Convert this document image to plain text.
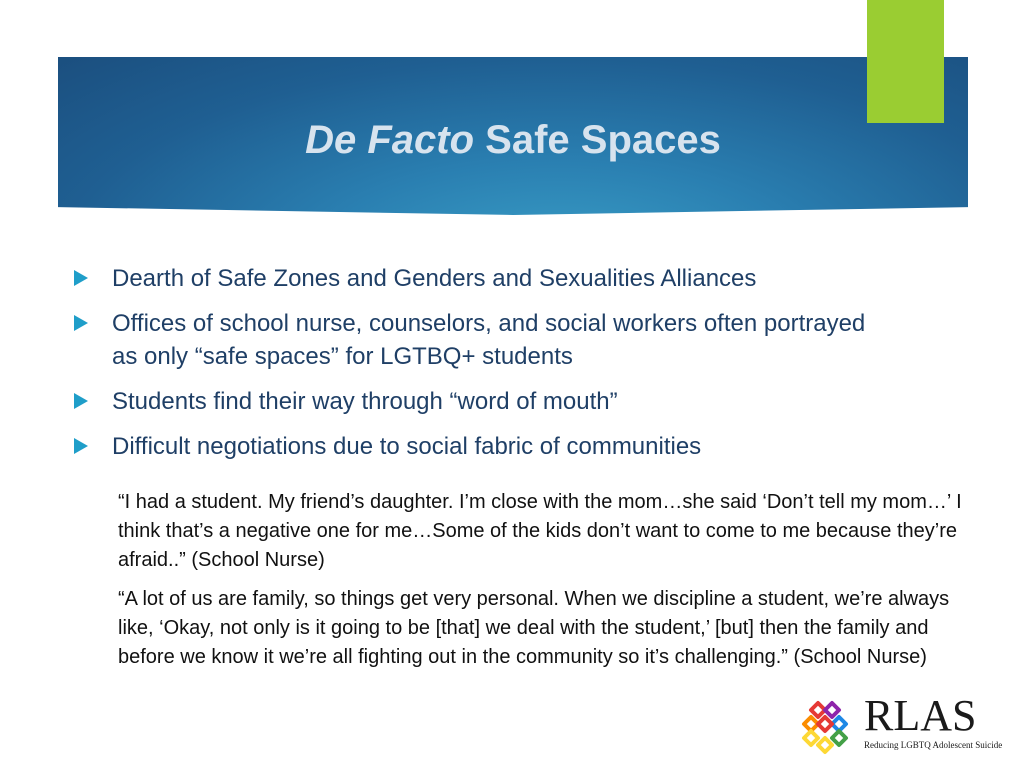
De Facto Safe Spaces
Dearth of Safe Zones and Genders and Sexualities Alliances
Offices of school nurse, counselors, and social workers often portrayed as only “safe spaces” for LGTBQ+ students
Students find their way through “word of mouth”
Difficult negotiations due to social fabric of communities
“I had a student. My friend’s daughter. I’m close with the mom…she said ‘Don’t tell my mom…’ I think that’s a negative one for me…Some of the kids don’t want to come to me because they’re afraid..” (School Nurse)
“A lot of us are family, so things get very personal. When we discipline a student, we’re always like, ‘Okay, not only is it going to be [that] we deal with the student,’ [but] then the family and before we know it we’re all fighting out in the community so it’s challenging.” (School Nurse)
RLAS
Reducing LGBTQ Adolescent Suicide
